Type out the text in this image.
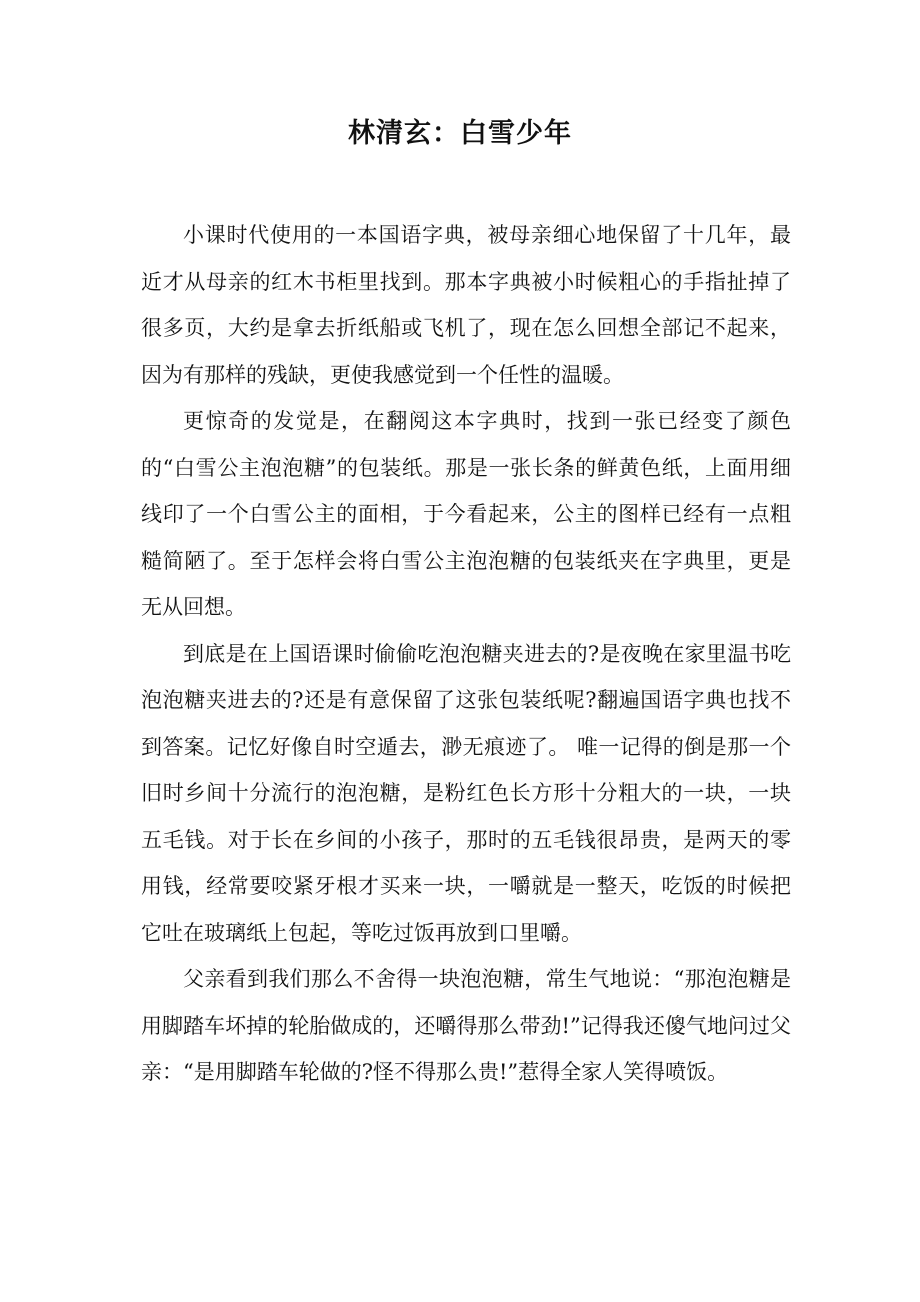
林清玄：白雪少年

小课时代使用的一本国语字典，被母亲细心地保留了十几年，最近才从母亲的红木书柜里找到。那本字典被小时候粗心的手指扯掉了很多页，大约是拿去折纸船或飞机了，现在怎么回想全部记不起来，因为有那样的残缺，更使我感觉到一个任性的温暖。

更惊奇的发觉是，在翻阅这本字典时，找到一张已经变了颜色的“白雪公主泡泡糖”的包装纸。那是一张长条的鲜黄色纸，上面用细线印了一个白雪公主的面相，于今看起来，公主的图样已经有一点粗糙简陋了。至于怎样会将白雪公主泡泡糖的包装纸夹在字典里，更是无从回想。

到底是在上国语课时偷偷吃泡泡糖夹进去的?是夜晚在家里温书吃泡泡糖夹进去的?还是有意保留了这张包装纸呢?翻遍国语字典也找不到答案。记忆好像自时空遁去，渺无痕迹了。 唯一记得的倒是那一个旧时乡间十分流行的泡泡糖，是粉红色长方形十分粗大的一块，一块五毛钱。对于长在乡间的小孩子，那时的五毛钱很昂贵，是两天的零用钱，经常要咬紧牙根才买来一块，一嚼就是一整天，吃饭的时候把它吐在玻璃纸上包起，等吃过饭再放到口里嚼。

父亲看到我们那么不舍得一块泡泡糖，常生气地说：“那泡泡糖是用脚踏车坏掉的轮胎做成的，还嚼得那么带劲!”记得我还傻气地问过父亲：“是用脚踏车轮做的?怪不得那么贵!”惹得全家人笑得喷饭。
